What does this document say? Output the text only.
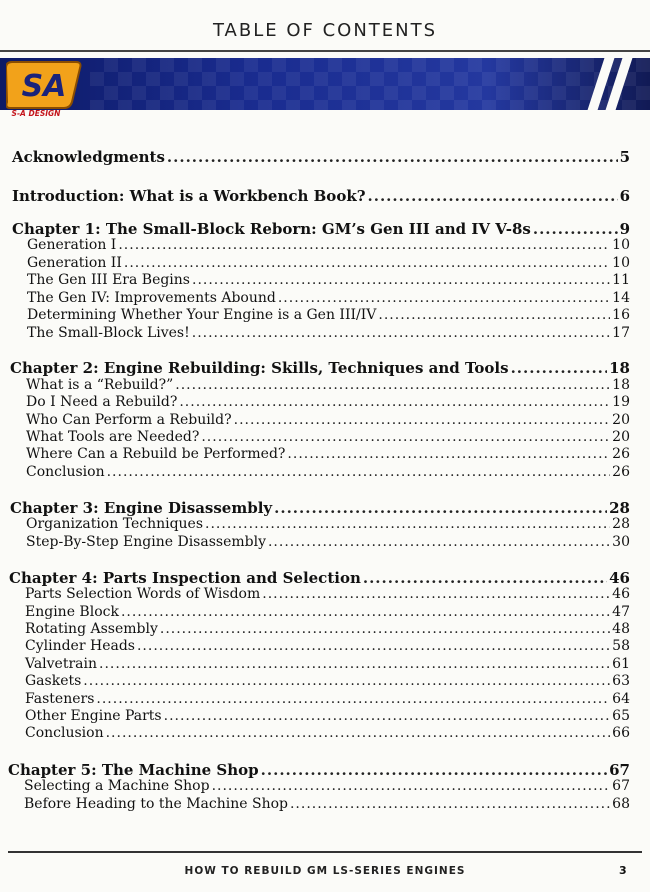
TABLE OF CONTENTS
SA
S-A DESIGN
Acknowledgments .....	5
Introduction: What is a Workbench Book? .....	6
Chapter 1: The Small-Block Reborn: GM’s Gen III and IV V-8s .....	9
Generation I .....	10
Generation II .....	10
The Gen III Era Begins .....	11
The Gen IV: Improvements Abound .....	14
Determining Whether Your Engine is a Gen III/IV .....	16
The Small-Block Lives! .....	17
Chapter 2: Engine Rebuilding: Skills, Techniques and Tools .....	18
What is a “Rebuild?” .....	18
Do I Need a Rebuild? .....	19
Who Can Perform a Rebuild? .....	20
What Tools are Needed? .....	20
Where Can a Rebuild be Performed? .....	26
Conclusion .....	26
Chapter 3: Engine Disassembly .....	28
Organization Techniques .....	28
Step-By-Step Engine Disassembly .....	30
Chapter 4: Parts Inspection and Selection .....	46
Parts Selection Words of Wisdom .....	46
Engine Block .....	47
Rotating Assembly .....	48
Cylinder Heads .....	58
Valvetrain .....	61
Gaskets .....	63
Fasteners .....	64
Other Engine Parts .....	65
Conclusion .....	66
Chapter 5: The Machine Shop .....	67
Selecting a Machine Shop .....	67
Before Heading to the Machine Shop .....	68
HOW TO REBUILD GM LS-SERIES ENGINES	3
